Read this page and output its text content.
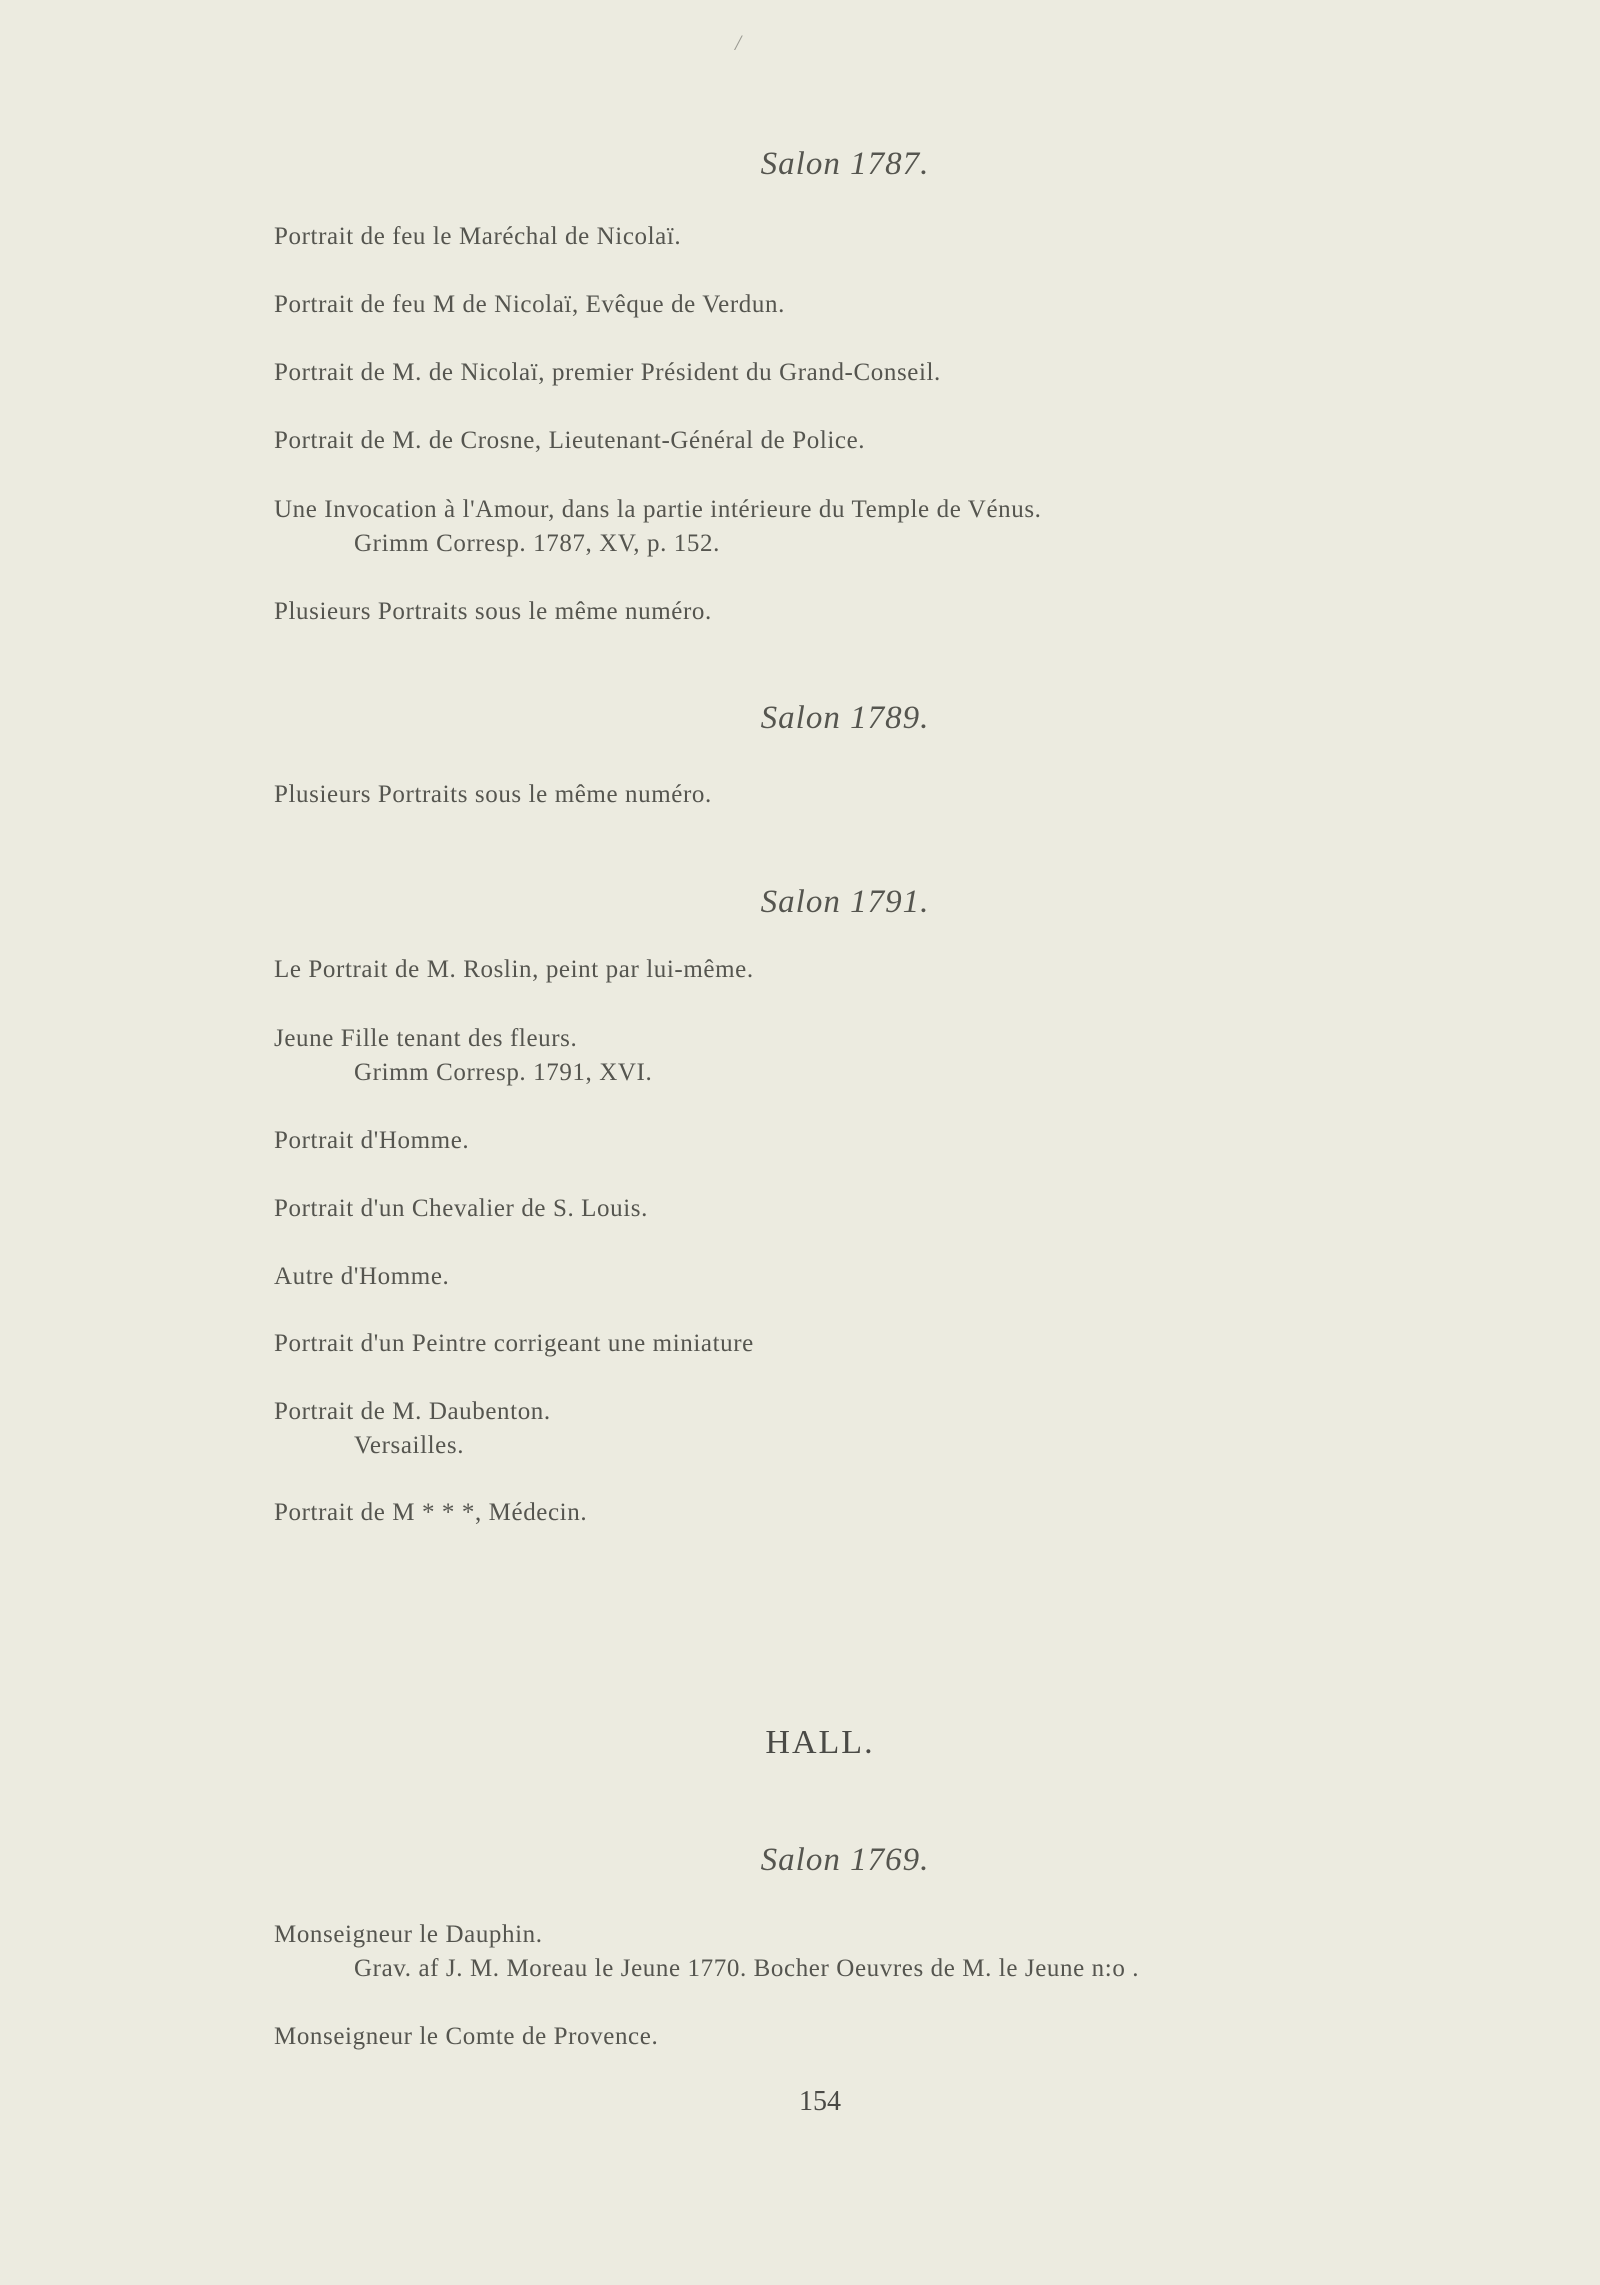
/
Salon 1787.
Portrait de feu le Maréchal de Nicolaï.
Portrait de feu M de Nicolaï, Evêque de Verdun.
Portrait de M. de Nicolaï, premier Président du Grand-Conseil.
Portrait de M. de Crosne, Lieutenant-Général de Police.
Une Invocation à l'Amour, dans la partie intérieure du Temple de Vénus.
Grimm Corresp. 1787, XV, p. 152.
Plusieurs Portraits sous le même numéro.
Salon 1789.
Plusieurs Portraits sous le même numéro.
Salon 1791.
Le Portrait de M. Roslin, peint par lui-même.
Jeune Fille tenant des fleurs.
Grimm Corresp. 1791, XVI.
Portrait d'Homme.
Portrait d'un Chevalier de S. Louis.
Autre d'Homme.
Portrait d'un Peintre corrigeant une miniature
Portrait de M. Daubenton.
Versailles.
Portrait de M * * *, Médecin.
HALL.
Salon 1769.
Monseigneur le Dauphin.
Grav. af J. M. Moreau le Jeune 1770. Bocher Oeuvres de M. le Jeune n:o .
Monseigneur le Comte de Provence.
154
